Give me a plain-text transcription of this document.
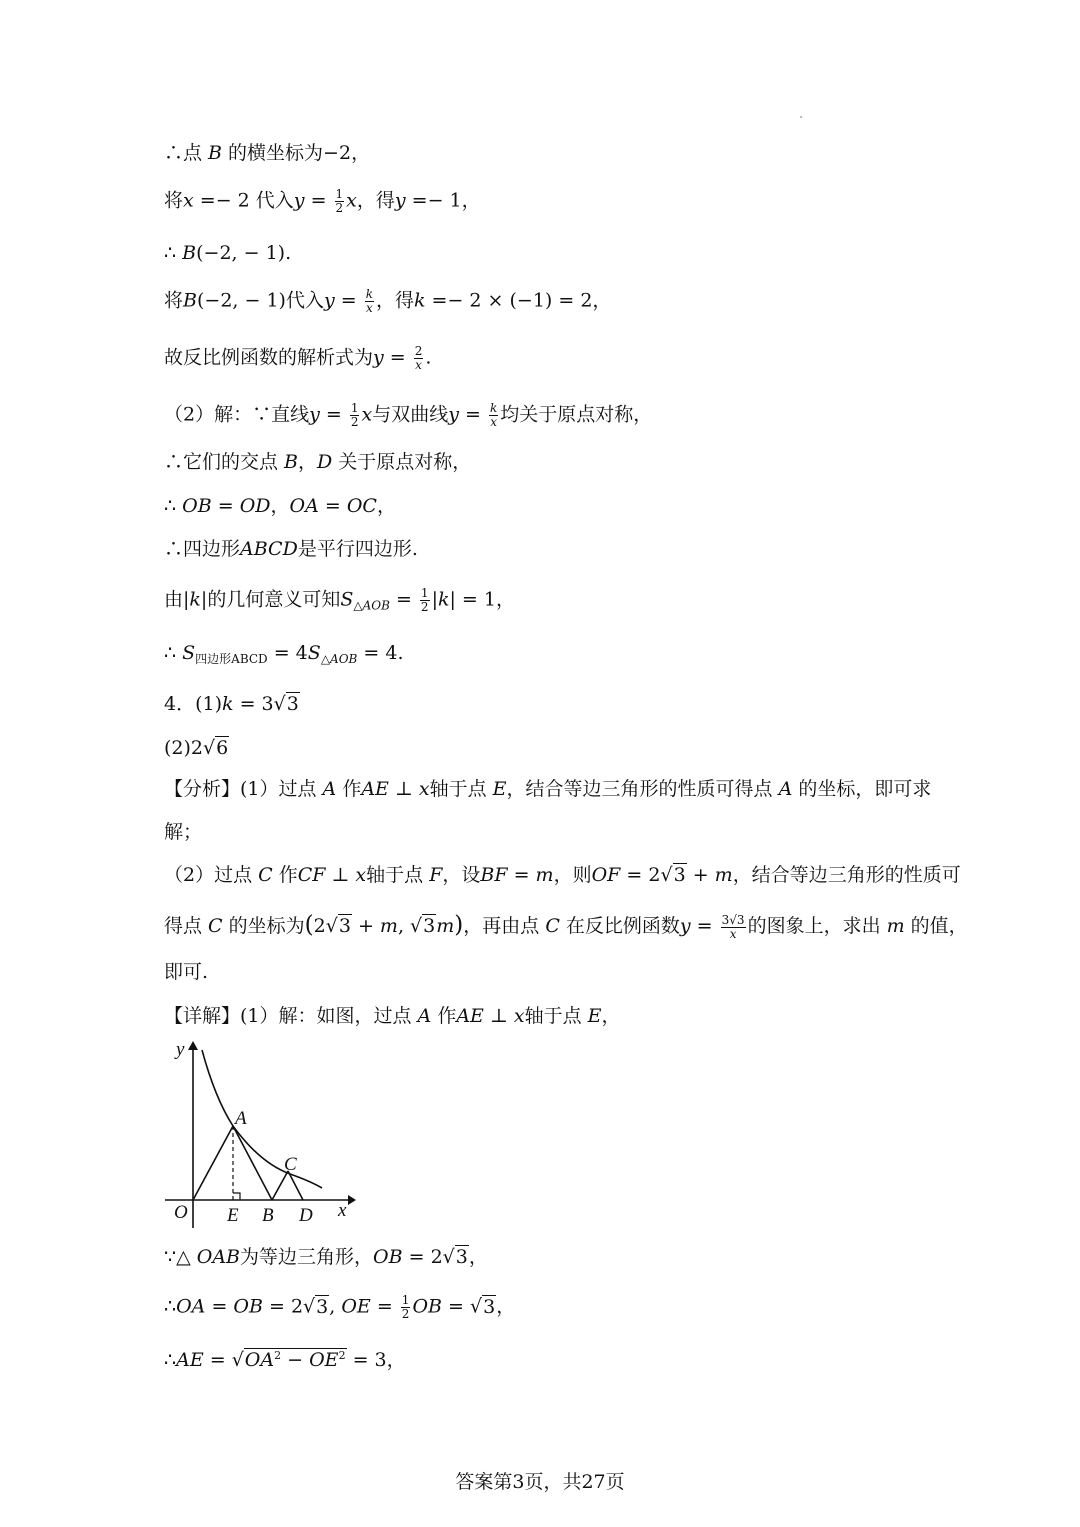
∴点 B 的横坐标为−2，
将x =− 2 代入$y = \frac{1}{2}$ x，得y =− 1，
∴ B(−2, − 1).
将B(−2, − 1)代入$y = \frac{k}{x}$ ，得k =− 2 × (−1) = 2，
故反比例函数的解析式为$y = \frac{2}{x}$ .
（2）解：∵直线$y = \frac{1}{2}$ x与双曲线$y = \frac{k}{x}$ 均关于原点对称，
∴它们的交点 B，D 关于原点对称，
∴ OB = OD，OA = OC，
∴四边形ABCD是平行四边形.
由|k|的几何意义可知$S_{\triangle AOB} = \frac{1}{2} |k| = 1$，
∴ $S_{四边形ABCD} = 4S_{\triangle AOB} = 4$.
4．(1)k = 3√3
(2)2√6
【分析】(1）过点 A 作AE ⊥ x轴于点 E，结合等边三角形的性质可得点 A 的坐标，即可求
解；
（2）过点 C 作CF ⊥ x轴于点 F，设BF = m，则OF = 2√3 + m，结合等边三角形的性质可
得点 C 的坐标为(2√3 + m, √3m)，再由点 C 在反比例函数$y = \frac{3√3}{x}$ 的图象上，求出 m 的值，
即可.
【详解】(1）解：如图，过点 A 作AE ⊥ x轴于点 E，
y
x
O
A
C
E B D
∵△ OAB为等边三角形，OB = 2√3，
∴OA = OB = 2√3, OE = $\frac{1}{2}$ OB = √3，
∴AE = $√OA^2 - OE^2 = 3$，
答案第3页，共27页
